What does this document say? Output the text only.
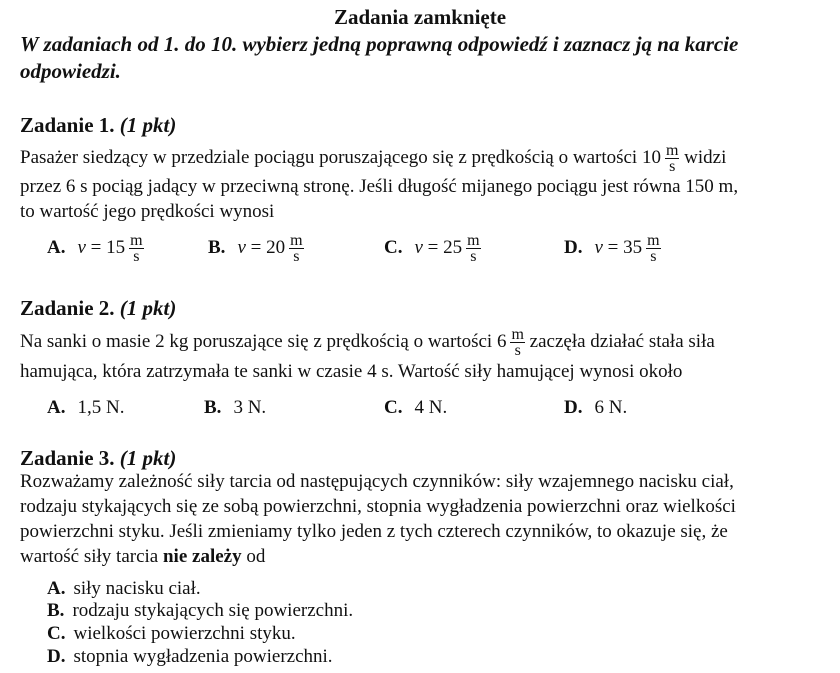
Zadania zamknięte
W zadaniach od 1. do 10. wybierz jedną poprawną odpowiedź i zaznacz ją na karcie odpowiedzi.
Zadanie 1. (1 pkt)
Pasażer siedzący w przedziale pociągu poruszającego się z prędkością o wartości $10 \frac{m}{s}$ widzi
przez 6 s pociąg jadący w przeciwną stronę. Jeśli długość mijanego pociągu jest równa 150 m,
to wartość jego prędkości wynosi
A. $v = 15 \frac{m}{s}$	B. $v = 20 \frac{m}{s}$	C. $v = 25 \frac{m}{s}$	D. $v = 35 \frac{m}{s}$
Zadanie 2. (1 pkt)
Na sanki o masie 2 kg poruszające się z prędkością o wartości $6 \frac{m}{s}$ zaczęła działać stała siła
hamująca, która zatrzymała te sanki w czasie 4 s. Wartość siły hamującej wynosi około
A. 1,5 N.	B. 3 N.	C. 4 N.	D. 6 N.
Zadanie 3. (1 pkt)
Rozważamy zależność siły tarcia od następujących czynników: siły wzajemnego nacisku ciał,
rodzaju stykających się ze sobą powierzchni, stopnia wygładzenia powierzchni oraz wielkości
powierzchni styku. Jeśli zmieniamy tylko jeden z tych czterech czynników, to okazuje się, że
wartość siły tarcia nie zależy od
A. siły nacisku ciał.
B. rodzaju stykających się powierzchni.
C. wielkości powierzchni styku.
D. stopnia wygładzenia powierzchni.
